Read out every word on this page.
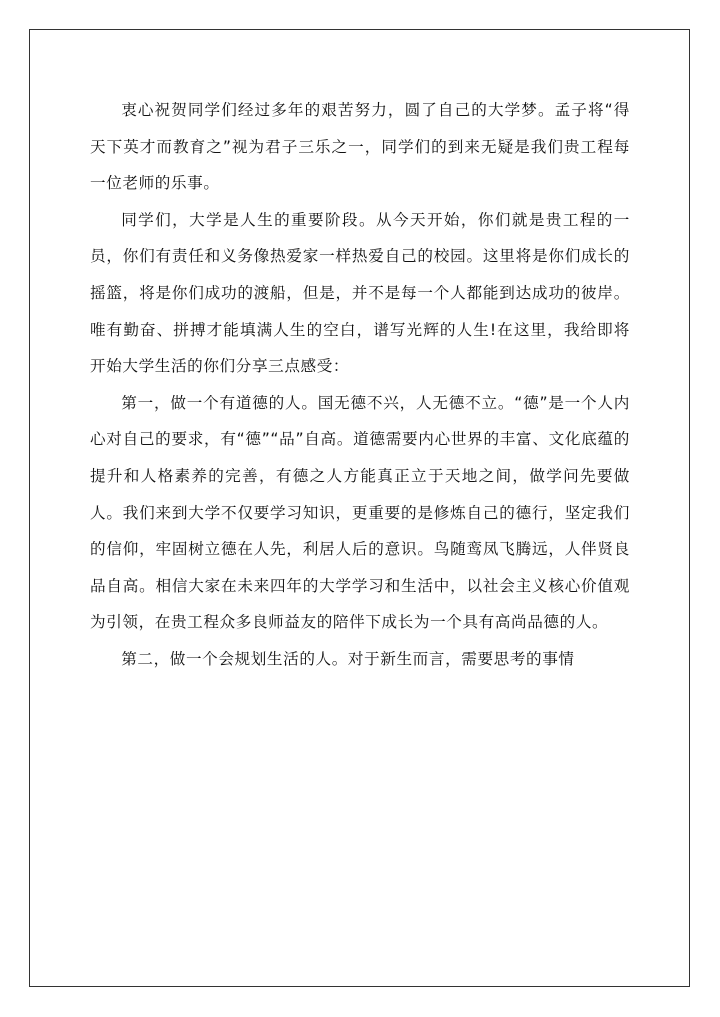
衷心祝贺同学们经过多年的艰苦努力，圆了自己的大学梦。孟子将“得天下英才而教育之”视为君子三乐之一，同学们的到来无疑是我们贵工程每一位老师的乐事。

同学们，大学是人生的重要阶段。从今天开始，你们就是贵工程的一员，你们有责任和义务像热爱家一样热爱自己的校园。这里将是你们成长的摇篮，将是你们成功的渡船，但是，并不是每一个人都能到达成功的彼岸。唯有勤奋、拼搏才能填满人生的空白，谱写光辉的人生!在这里，我给即将开始大学生活的你们分享三点感受：

第一，做一个有道德的人。国无德不兴，人无德不立。“德”是一个人内心对自己的要求，有“德”“品”自高。道德需要内心世界的丰富、文化底蕴的提升和人格素养的完善，有德之人方能真正立于天地之间，做学问先要做人。我们来到大学不仅要学习知识，更重要的是修炼自己的德行，坚定我们的信仰，牢固树立德在人先，利居人后的意识。鸟随鸾凤飞腾远，人伴贤良品自高。相信大家在未来四年的大学学习和生活中，以社会主义核心价值观为引领，在贵工程众多良师益友的陪伴下成长为一个具有高尚品德的人。

第二，做一个会规划生活的人。对于新生而言，需要思考的事情
